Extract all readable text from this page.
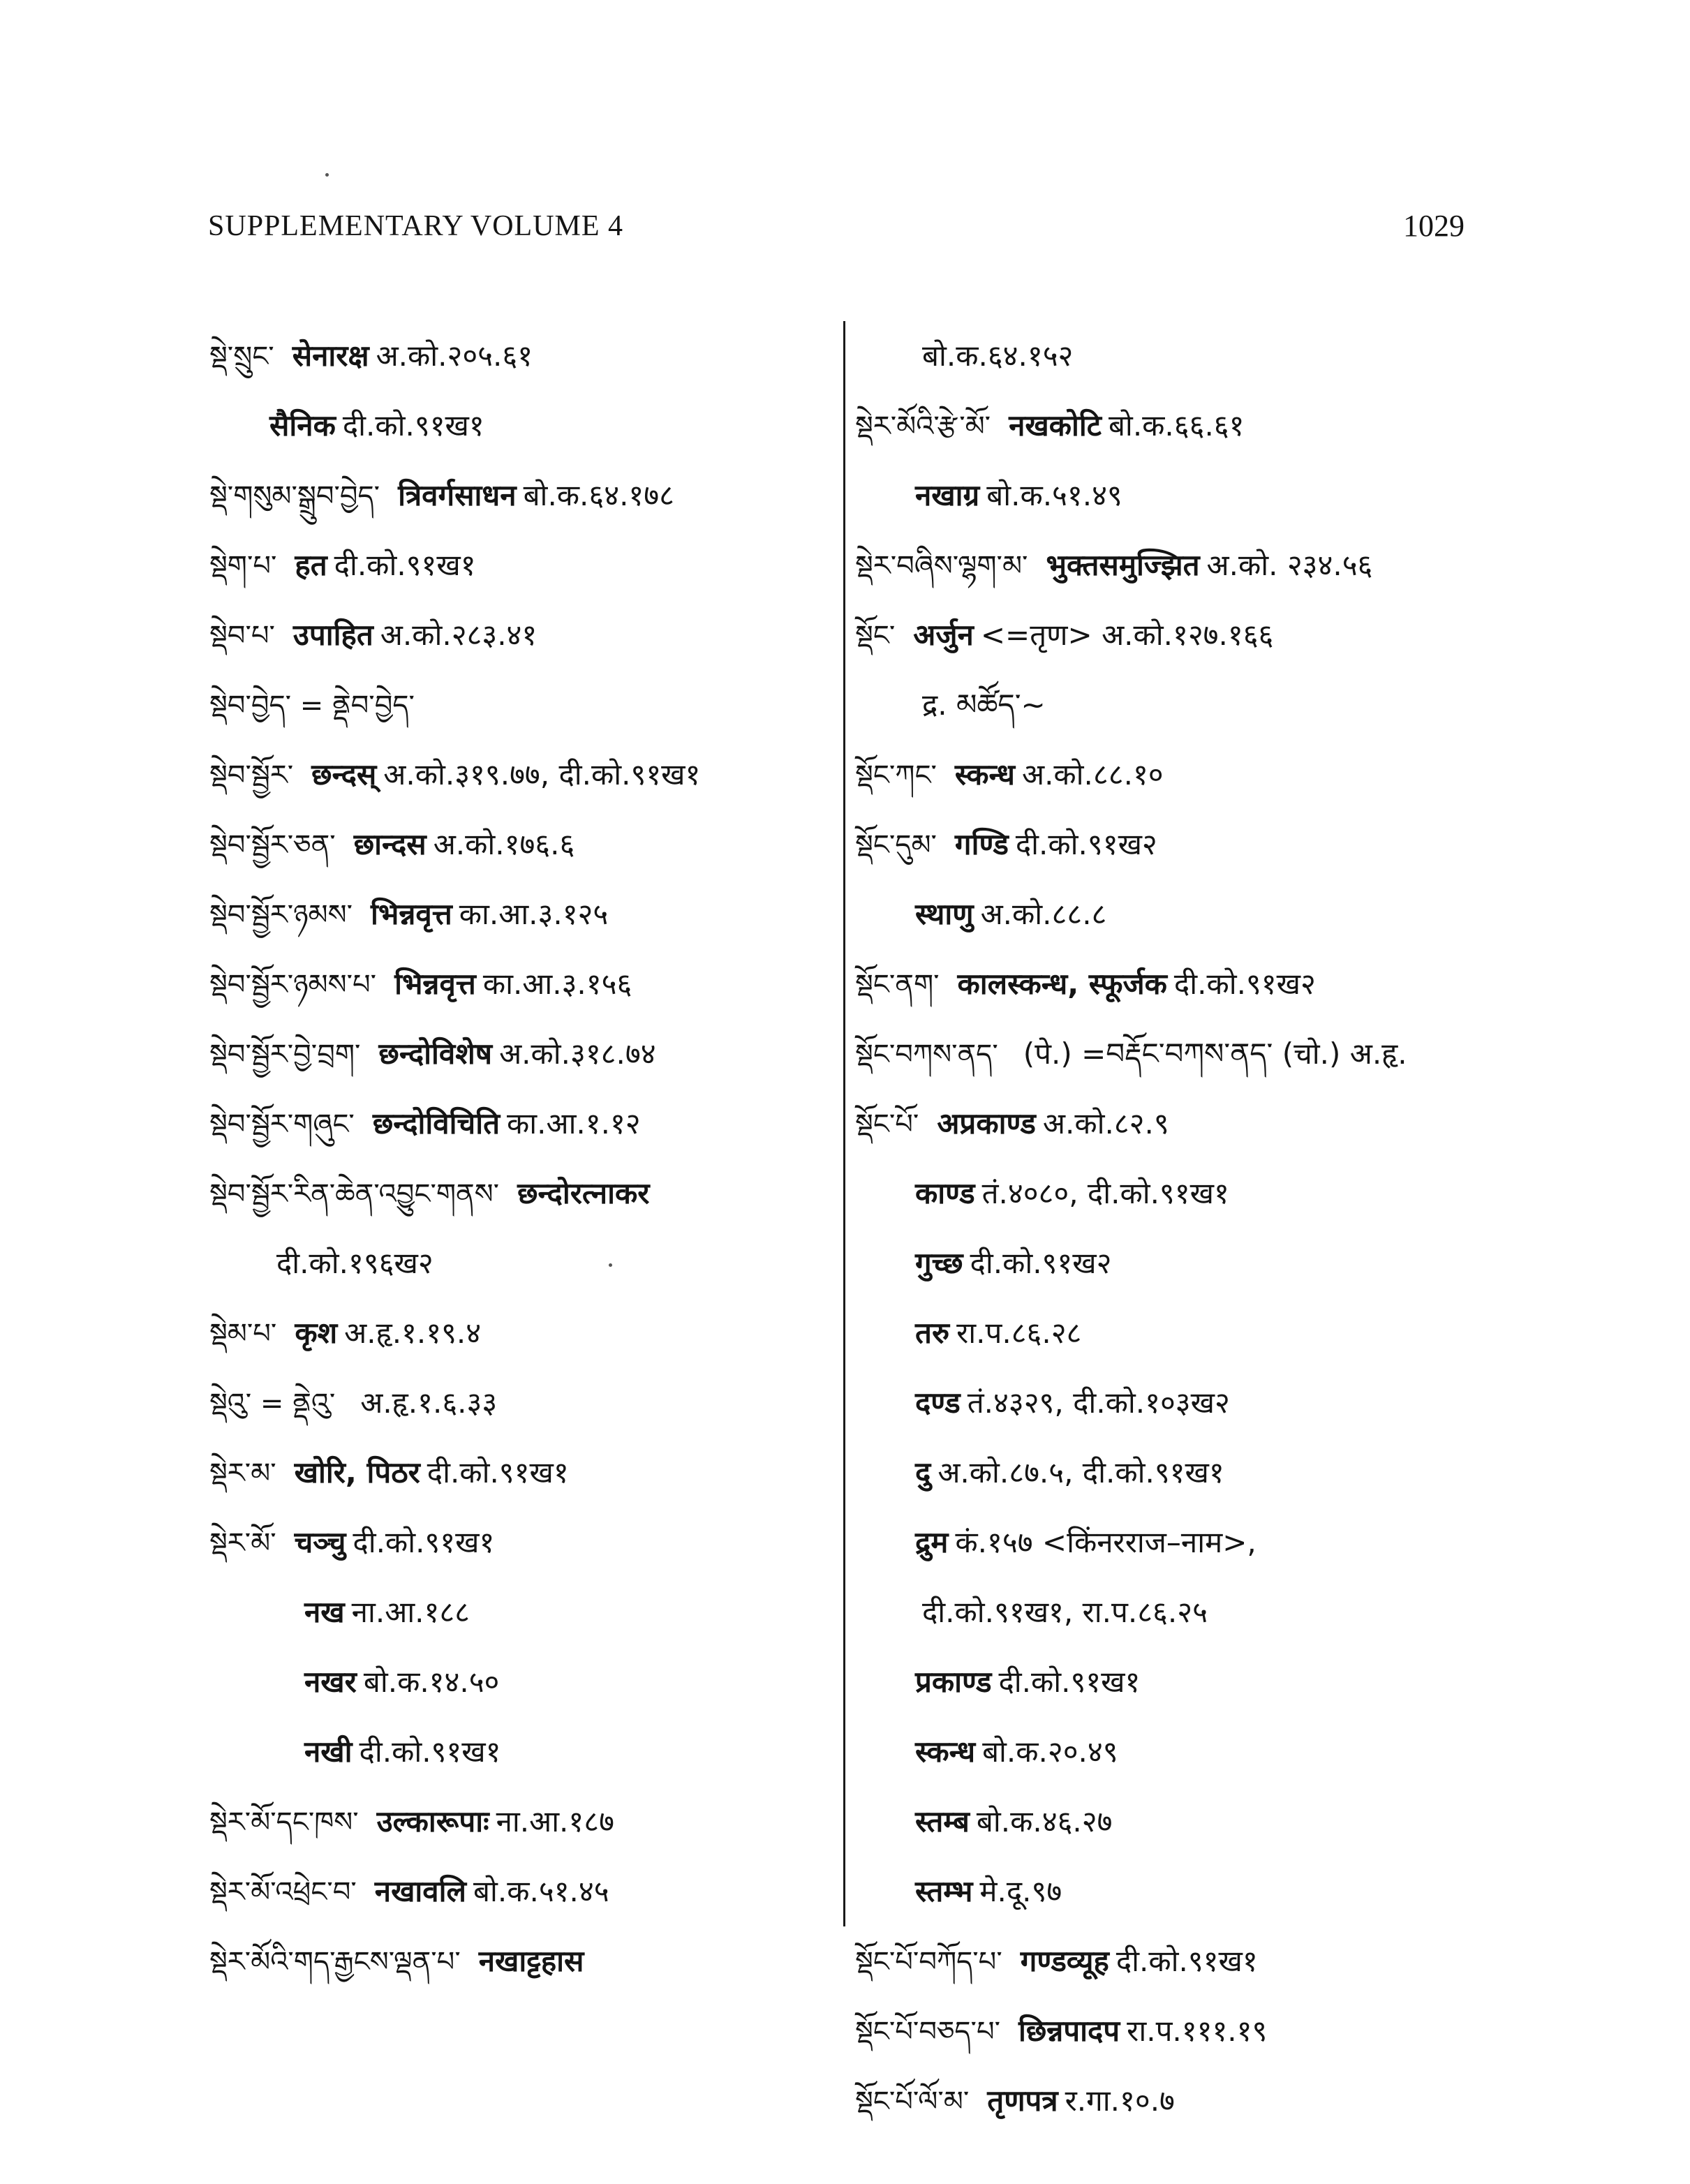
SUPPLEMENTARY VOLUME 4	1029
སྡེ་སྲུང་ सेनारक्ष अ.को.२०५.६१
सैनिक दी.को.९१ख१
སྡེ་གསུམ་སྒྲུབ་བྱེད་ त्रिवर्गसाधन बो.क.६४.१७८
སྡེག་པ་ हत दी.को.९१ख१
སྡེབ་པ་ उपाहित अ.को.२८३.४१
སྡེབ་བྱེད་ = ནྡེབ་བྱེད་
སྡེབ་སྦྱོར་ छन्दस् अ.को.३१९.७७, दी.को.९१ख१
སྡེབ་སྦྱོར་ཅན་ छान्दस अ.को.१७६.६
སྡེབ་སྦྱོར་ཉམས་ भिन्नवृत्त का.आ.३.१२५
སྡེབ་སྦྱོར་ཉམས་པ་ भिन्नवृत्त का.आ.३.१५६
སྡེབ་སྦྱོར་བྱེ་བྲག་ छन्दोविशेष अ.को.३१८.७४
སྡེབ་སྦྱོར་གཞུང་ छन्दोविचिति का.आ.१.१२
སྡེབ་སྦྱོར་རིན་ཆེན་འབྱུང་གནས་ छन्दोरत्नाकर
दी.को.१९६ख२
སྡེམ་པ་ कृश अ.हृ.१.१९.४
སྡེའུ་ = ནྡེའུ་ अ.हृ.१.६.३३
སྡེར་མ་ खोरि, पिठर दी.को.९१ख१
སྡེར་མོ་ चञ्चु दी.को.९१ख१
नख ना.आ.१८८
नखर बो.क.१४.५०
नखी दी.को.९१ख१
སྡེར་མོ་དང་ཁས་ उल्कारूपाः ना.आ.१८७
སྡེར་མོ་འཕྲེང་བ་ नखावलि बो.क.५१.४५
སྡེར་མོའི་གད་རྒྱངས་ལྡན་པ་ नखाट्टहास
बो.क.६४.१५२
སྡེར་མོའི་རྩེ་མོ་ नखकोटि बो.क.६६.६१
नखाग्र बो.क.५१.४९
སྡེར་བཞིས་ལྷག་མ་ भुक्तसमुज्झित अ.को. २३४.५६
སྡོང་ अर्जुन <=तृण> अ.को.१२७.१६६
द्र. མཚོད་~
སྡོང་ཀང་ स्कन्ध अ.को.८८.१०
སྡོང་དུམ་ गण्डि दी.को.९१ख२
स्थाणु अ.को.८८.८
སྡོང་ནག་ कालस्कन्ध, स्फूर्जक दी.को.९१ख२
སྡོང་བཀས་ནད་ (पे.) =བརྡོང་བཀས་ནད་ (चो.) अ.हृ.
སྡོང་པོ་ अप्रकाण्ड अ.को.८२.९
काण्ड तं.४०८०, दी.को.९१ख१
गुच्छ दी.को.९१ख२
तरु रा.प.८६.२८
दण्ड तं.४३२९, दी.को.१०३ख२
दु अ.को.८७.५, दी.को.९१ख१
द्रुम कं.१५७ <किंनरराज–नाम>,
दी.को.९१ख१, रा.प.८६.२५
प्रकाण्ड दी.को.९१ख१
स्कन्ध बो.क.२०.४९
स्तम्ब बो.क.४६.२७
स्तम्भ मे.दू.९७
སྡོང་པོ་བཀོད་པ་ गण्डव्यूह दी.को.९१ख१
སྡོང་པོ་བཅད་པ་ छिन्नपादप रा.प.१११.१९
སྡོང་པོ་ལོ་མ་ तृणपत्र र.गा.१०.७
